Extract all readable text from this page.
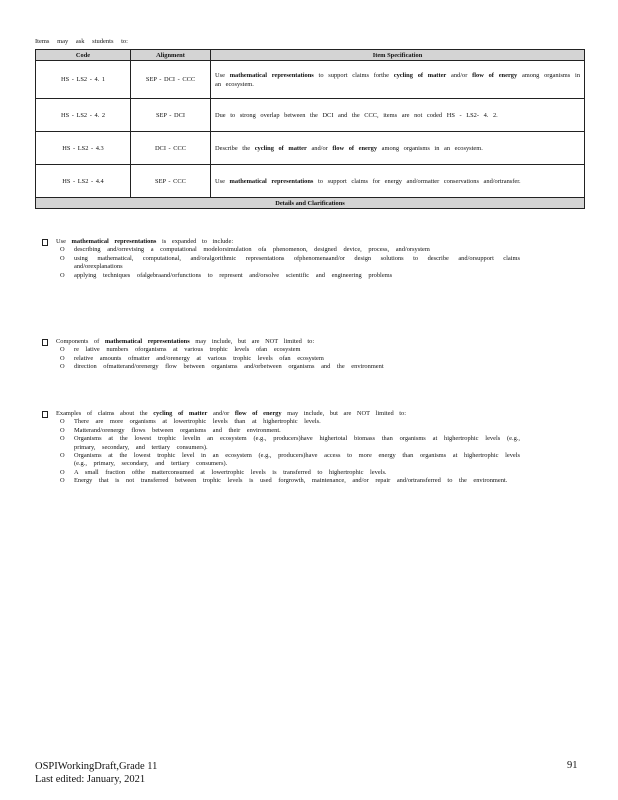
Items may ask students to:
Code	Alignment	Item Specification
HS - LS2 - 4. 1	SEP - DCI - CCC	Use mathematical representations to support claims forthe cycling of matter and/or flow of energy among organisms in an ecosystem.
HS - LS2 - 4. 2	SEP - DCI	Due to strong overlap between the DCI and the CCC, items are not coded HS - LS2- 4. 2.
HS - LS2 - 4.3	DCI - CCC	Describe the cycling of matter and/or flow of energy among organisms in an ecosystem.
HS - LS2 - 4.4	SEP - CCC	Use mathematical representations to support claims for energy and/ormatter conservations and/ortransfer.
Details and Clarifications		
Use mathematical representations is expanded to include:
O describing and/orrevising a computational modelorsimulation ofa phenomenon, designed device, process, and/orsystem
O using mathematical, computational, and/oralgorithmic representations ofphenomenaand/or design solutions to describe and/orsupport claims and/orexplanations
O applying techniques ofalgebraand/orfunctions to represent and/orsolve scientific and engineering problems
Components of mathematical representations may include, but are NOT limited to:
O re lative numbers oforganisms at various trophic levels ofan ecosystem
O relative amounts ofmatter and/orenergy at various trophic levels ofan ecosystem
O direction ofmatterand/orenergy flow between organisms and/orbetween organisms and the environment
Examples of claims about the cycling of matter and/or flow of energy may include, but are NOT limited to:
O There are more organisms at lowertrophic levels than at highertrophic levels.
O Matterand/orenergy flows between organisms and their environment.
O Organisms at the lowest trophic levelin an ecosystem (e.g., producers)have highertotal biomass than organisms at highertrophic levels (e.g., primary, secondary, and tertiary consumers).
O Organisms at the lowest trophic level in an ecosystem (e.g., producers)have access to more energy than organisms at highertrophic levels (e.g., primary, secondary, and tertiary consumers).
O A small fraction ofthe matterconsumed at lowertrophic levels is transferred to highertrophic levels.
O Energy that is not transferred between trophic levels is used forgrowth, maintenance, and/or repair and/ortransferred to the environment.
OSPIWorkingDraft,Grade 11
Last edited: January, 2021
91
